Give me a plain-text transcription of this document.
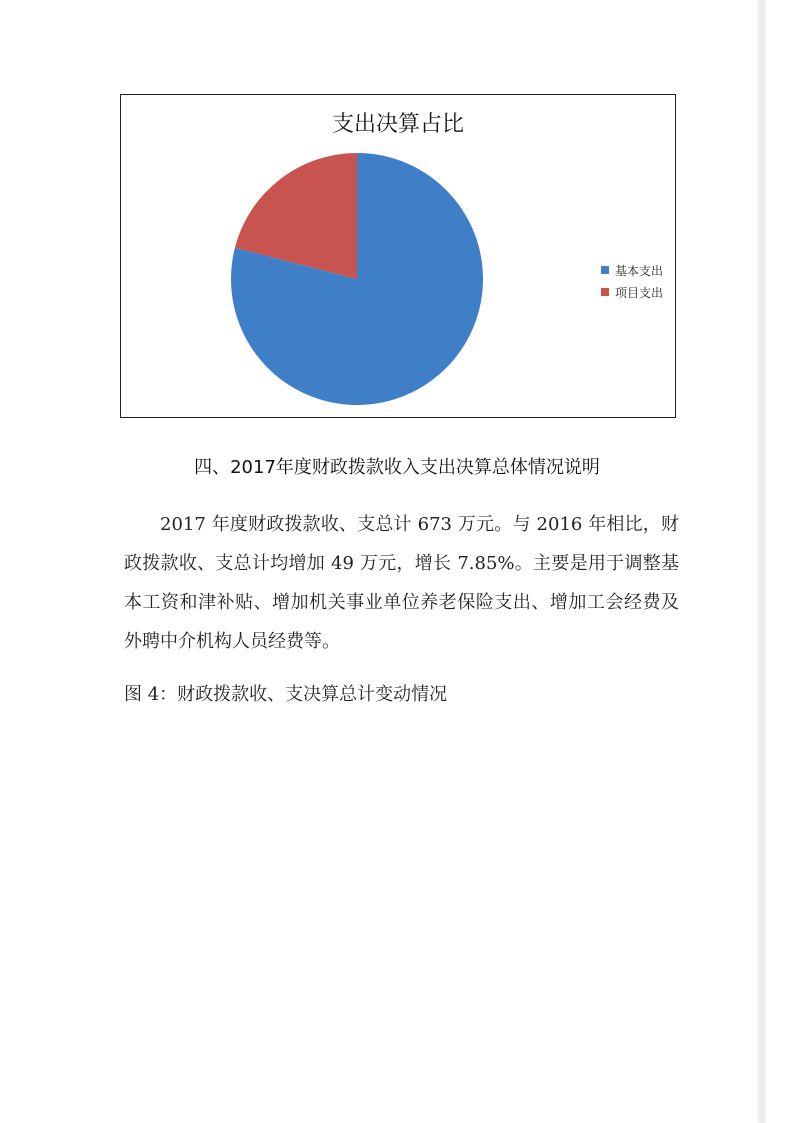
支出决算占比
基本支出
项目支出
四、2017年度财政拨款收入支出决算总体情况说明
2017 年度财政拨款收、支总计 673 万元。与 2016 年相比，财政拨款收、支总计均增加 49 万元，增长 7.85%。主要是用于调整基本工资和津补贴、增加机关事业单位养老保险支出、增加工会经费及外聘中介机构人员经费等。
图 4：财政拨款收、支决算总计变动情况
